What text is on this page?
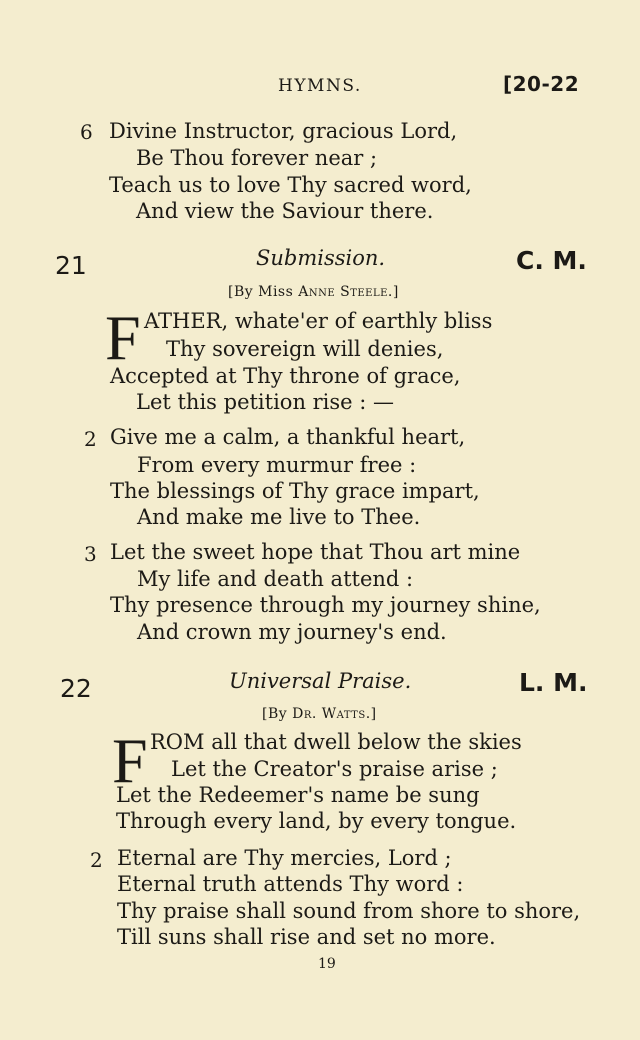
HYMNS.	[20-22
6 Divine Instructor, gracious Lord,
Be Thou forever near ;
Teach us to love Thy sacred word,
And view the Saviour there.
21	Submission.	C. M.
[By Miss Anne Steele.]
F ATHER, whate'er of earthly bliss
Thy sovereign will denies,
Accepted at Thy throne of grace,
Let this petition rise : —
2 Give me a calm, a thankful heart,
From every murmur free :
The blessings of Thy grace impart,
And make me live to Thee.
3 Let the sweet hope that Thou art mine
My life and death attend :
Thy presence through my journey shine,
And crown my journey's end.
22	Universal Praise.	L. M.
[By Dr. Watts.]
F ROM all that dwell below the skies
Let the Creator's praise arise ;
Let the Redeemer's name be sung
Through every land, by every tongue.
2 Eternal are Thy mercies, Lord ;
Eternal truth attends Thy word :
Thy praise shall sound from shore to shore,
Till suns shall rise and set no more.
19
